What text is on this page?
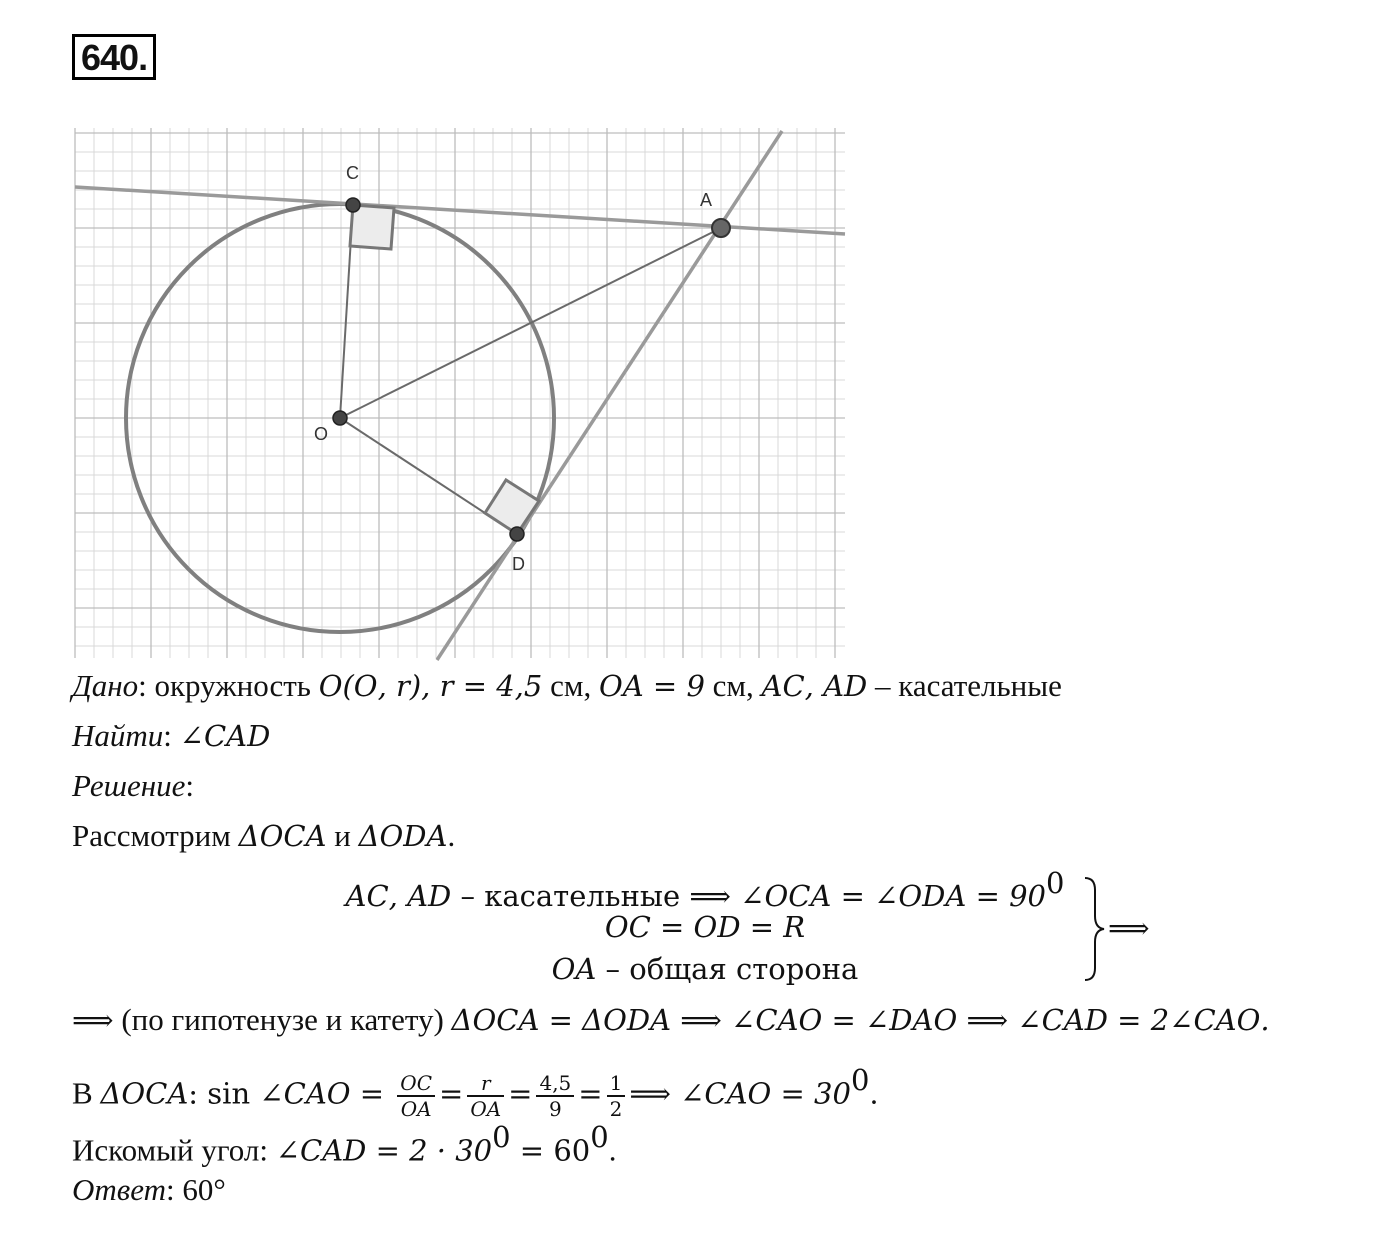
640.
C
A
O
D
Дано: окружность 𝑂(𝑂, 𝑟), 𝑟 = 4,5 см, 𝑂𝐴 = 9 см, 𝐴𝐶, 𝐴𝐷 – касательные
Найти: ∠𝐶𝐴𝐷
Решение:
Рассмотрим Δ𝑂𝐶𝐴 и Δ𝑂𝐷𝐴.
𝐴𝐶, 𝐴𝐷 – касательные ⟹ ∠𝑂𝐶𝐴 = ∠𝑂𝐷𝐴 = $90^0$
𝑂𝐶 = 𝑂𝐷 = 𝑅
𝑂𝐴 – общая сторона
⟹
⟹ (по гипотенузе и катету) Δ𝑂𝐶𝐴 = Δ𝑂𝐷𝐴 ⟹ ∠𝐶𝐴𝑂 = ∠𝐷𝐴𝑂 ⟹ ∠𝐶𝐴𝐷 = 2∠𝐶𝐴𝑂.
В Δ𝑂𝐶𝐴: sin ∠𝐶𝐴𝑂 = $\frac{\text{𝑂𝐶}}{\text{𝑂𝐴}} = \frac{\text{𝑟}}{\text{𝑂𝐴}} = \frac{4,5}{9} = \frac{1}{2}$ ⟹ ∠𝐶𝐴𝑂 = $30^0$.
Искомый угол: ∠𝐶𝐴𝐷 = $2 \cdot 30^0 = 60^0$.
Ответ: 60°
